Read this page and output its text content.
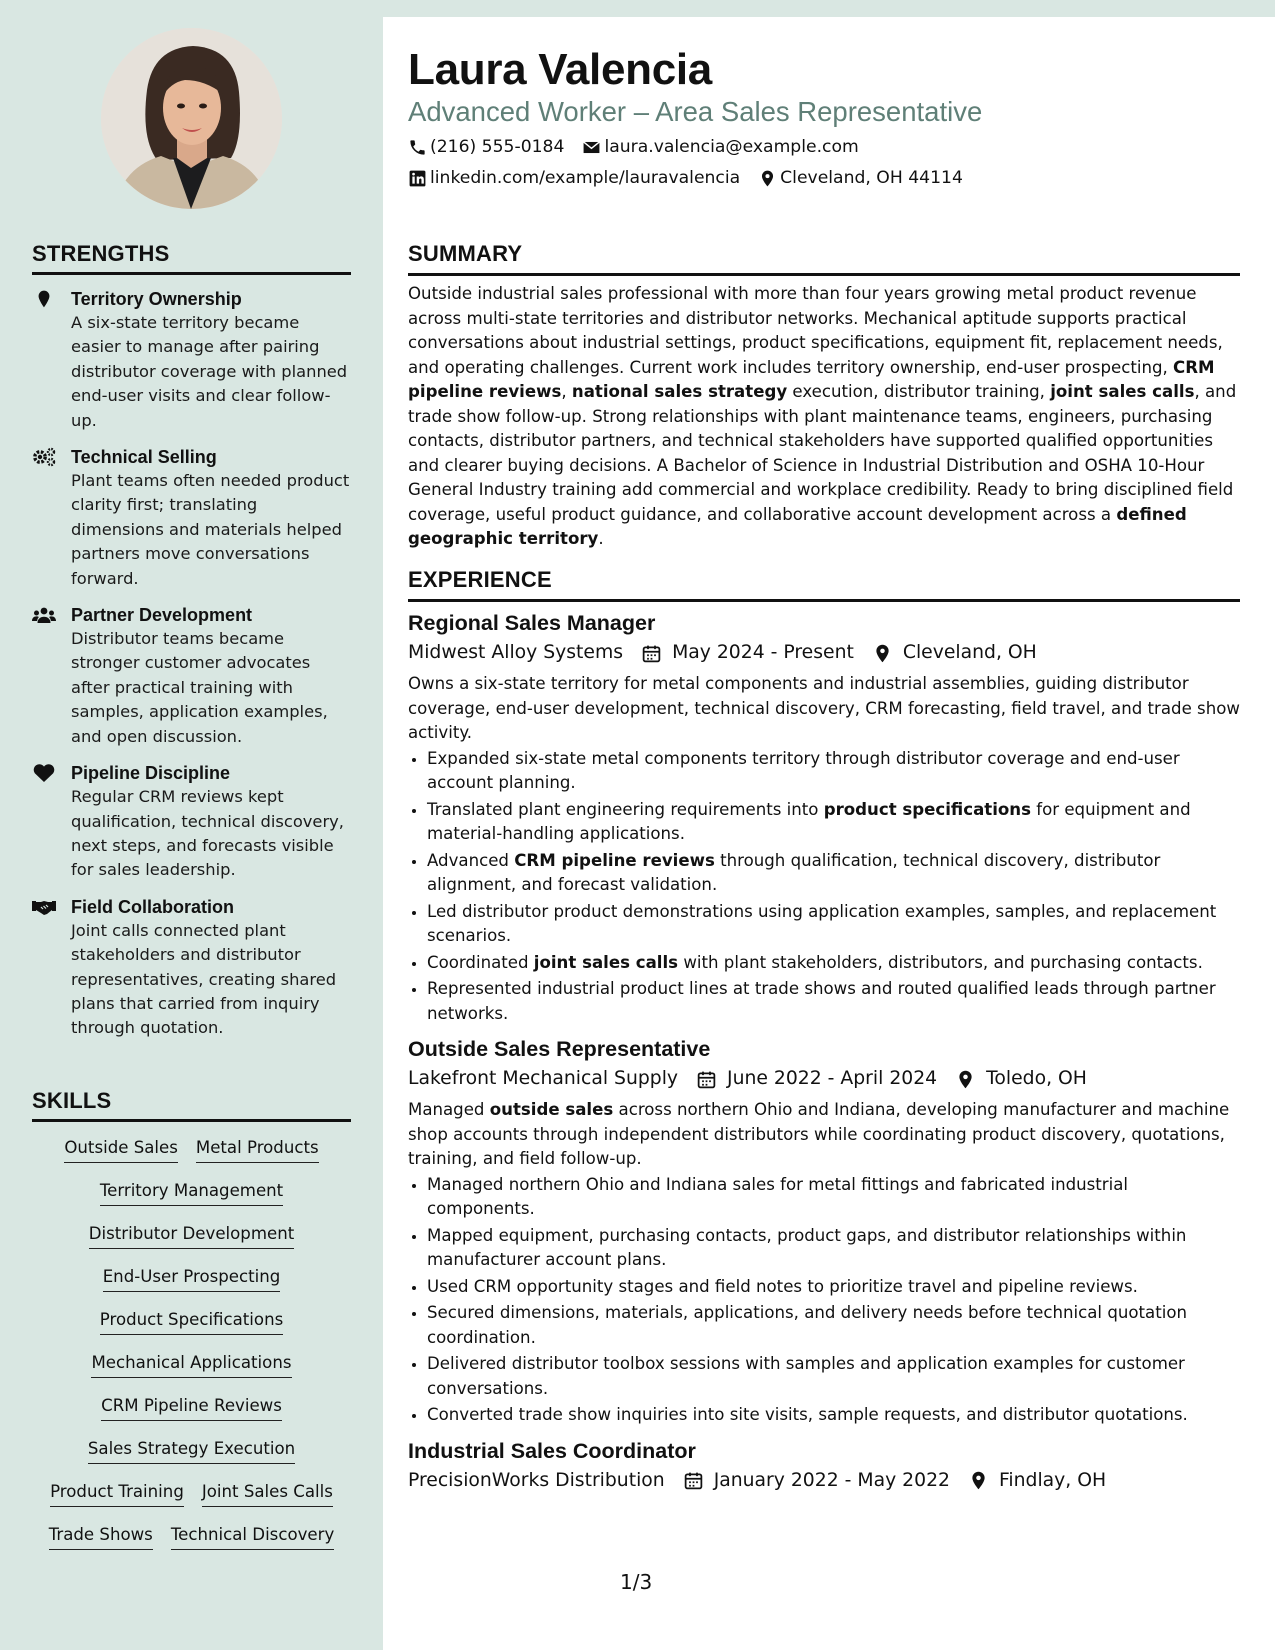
Laura Valencia
Advanced Worker – Area Sales Representative
(216) 555-0184 laura.valencia@example.com
linkedin.com/example/lauravalencia Cleveland, OH 44114
STRENGTHS
Territory Ownership
A six-state territory became easier to manage after pairing distributor coverage with planned end-user visits and clear follow-up.
Technical Selling
Plant teams often needed product clarity first; translating dimensions and materials helped partners move conversations forward.
Partner Development
Distributor teams became stronger customer advocates after practical training with samples, application examples, and open discussion.
Pipeline Discipline
Regular CRM reviews kept qualification, technical discovery, next steps, and forecasts visible for sales leadership.
Field Collaboration
Joint calls connected plant stakeholders and distributor representatives, creating shared plans that carried from inquiry through quotation.
SKILLS
Outside Sales Metal Products
Territory Management
Distributor Development
End-User Prospecting
Product Specifications
Mechanical Applications
CRM Pipeline Reviews
Sales Strategy Execution
Product Training Joint Sales Calls
Trade Shows Technical Discovery
SUMMARY
Outside industrial sales professional with more than four years growing metal product revenue across multi-state territories and distributor networks. Mechanical aptitude supports practical conversations about industrial settings, product specifications, equipment fit, replacement needs, and operating challenges. Current work includes territory ownership, end-user prospecting, CRM pipeline reviews, national sales strategy execution, distributor training, joint sales calls, and trade show follow-up. Strong relationships with plant maintenance teams, engineers, purchasing contacts, distributor partners, and technical stakeholders have supported qualified opportunities and clearer buying decisions. A Bachelor of Science in Industrial Distribution and OSHA 10-Hour General Industry training add commercial and workplace credibility. Ready to bring disciplined field coverage, useful product guidance, and collaborative account development across a defined geographic territory.
EXPERIENCE
Regional Sales Manager
Midwest Alloy Systems	May 2024 - Present	Cleveland, OH
Owns a six-state territory for metal components and industrial assemblies, guiding distributor coverage, end-user development, technical discovery, CRM forecasting, field travel, and trade show activity.
• Expanded six-state metal components territory through distributor coverage and end-user account planning.
• Translated plant engineering requirements into product specifications for equipment and material-handling applications.
• Advanced CRM pipeline reviews through qualification, technical discovery, distributor alignment, and forecast validation.
• Led distributor product demonstrations using application examples, samples, and replacement scenarios.
• Coordinated joint sales calls with plant stakeholders, distributors, and purchasing contacts.
• Represented industrial product lines at trade shows and routed qualified leads through partner networks.
Outside Sales Representative
Lakefront Mechanical Supply	June 2022 - April 2024	Toledo, OH
Managed outside sales across northern Ohio and Indiana, developing manufacturer and machine shop accounts through independent distributors while coordinating product discovery, quotations, training, and field follow-up.
• Managed northern Ohio and Indiana sales for metal fittings and fabricated industrial components.
• Mapped equipment, purchasing contacts, product gaps, and distributor relationships within manufacturer account plans.
• Used CRM opportunity stages and field notes to prioritize travel and pipeline reviews.
• Secured dimensions, materials, applications, and delivery needs before technical quotation coordination.
• Delivered distributor toolbox sessions with samples and application examples for customer conversations.
• Converted trade show inquiries into site visits, sample requests, and distributor quotations.
Industrial Sales Coordinator
PrecisionWorks Distribution	January 2022 - May 2022	Findlay, OH
1/3
